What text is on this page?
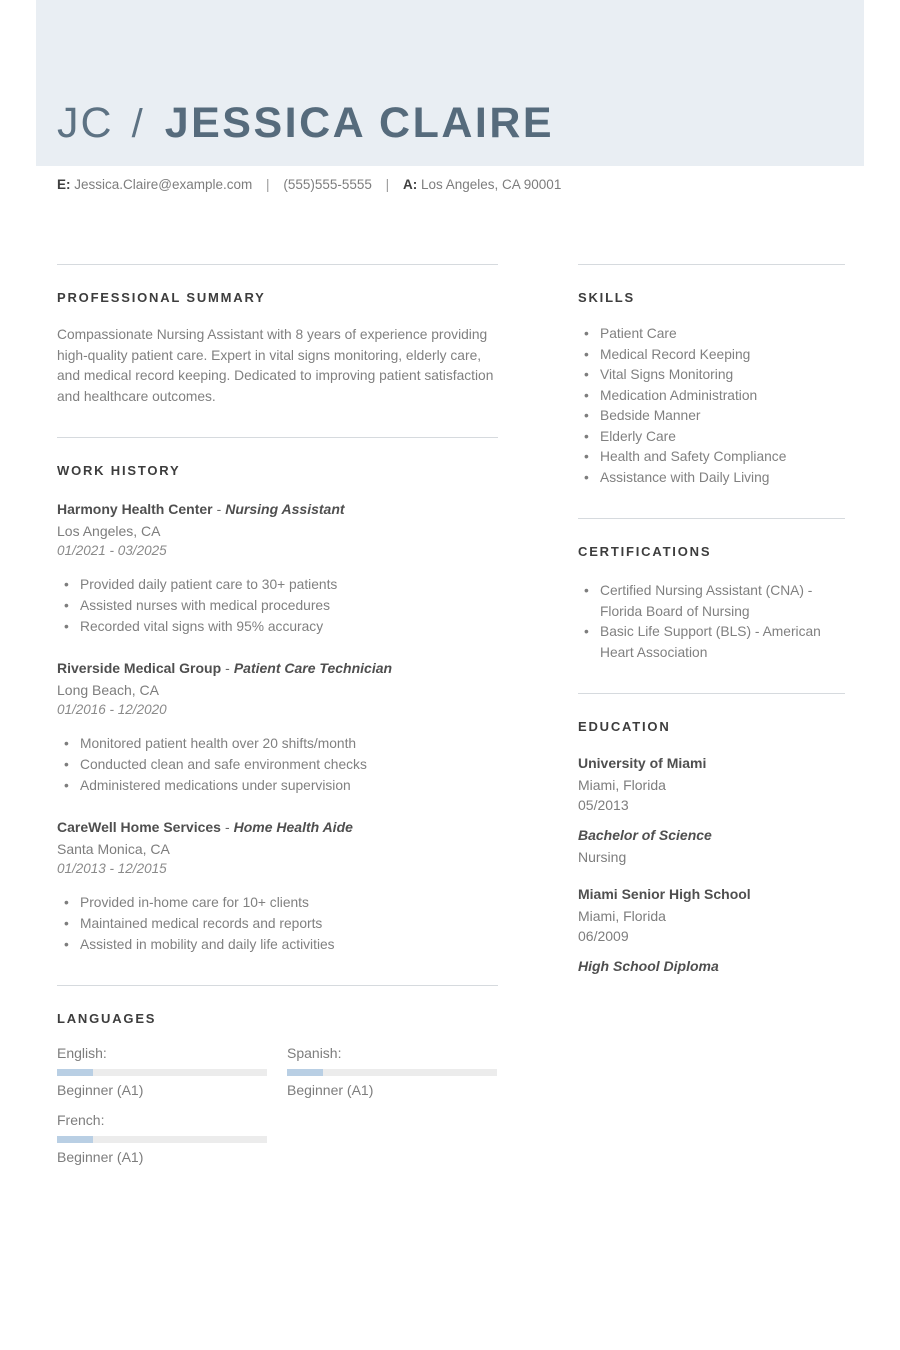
JC / JESSICA CLAIRE
E: Jessica.Claire@example.com | (555)555-5555 | A: Los Angeles, CA 90001
PROFESSIONAL SUMMARY

Compassionate Nursing Assistant with 8 years of experience providing high-quality patient care. Expert in vital signs monitoring, elderly care, and medical record keeping. Dedicated to improving patient satisfaction and healthcare outcomes.

WORK HISTORY
Harmony Health Center - Nursing Assistant
Los Angeles, CA
01/2021 - 03/2025
• Provided daily patient care to 30+ patients
• Assisted nurses with medical procedures
• Recorded vital signs with 95% accuracy
Riverside Medical Group - Patient Care Technician
Long Beach, CA
01/2016 - 12/2020
• Monitored patient health over 20 shifts/month
• Conducted clean and safe environment checks
• Administered medications under supervision
CareWell Home Services - Home Health Aide
Santa Monica, CA
01/2013 - 12/2015
• Provided in-home care for 10+ clients
• Maintained medical records and reports
• Assisted in mobility and daily life activities
LANGUAGES
English:
Beginner (A1)
Spanish:
Beginner (A1)
French:
Beginner (A1)
SKILLS
• Patient Care
• Medical Record Keeping
• Vital Signs Monitoring
• Medication Administration
• Bedside Manner
• Elderly Care
• Health and Safety Compliance
• Assistance with Daily Living
CERTIFICATIONS
• Certified Nursing Assistant (CNA) - Florida Board of Nursing
• Basic Life Support (BLS) - American Heart Association
EDUCATION
University of Miami
Miami, Florida
05/2013
Bachelor of Science
Nursing
Miami Senior High School
Miami, Florida
06/2009
High School Diploma
